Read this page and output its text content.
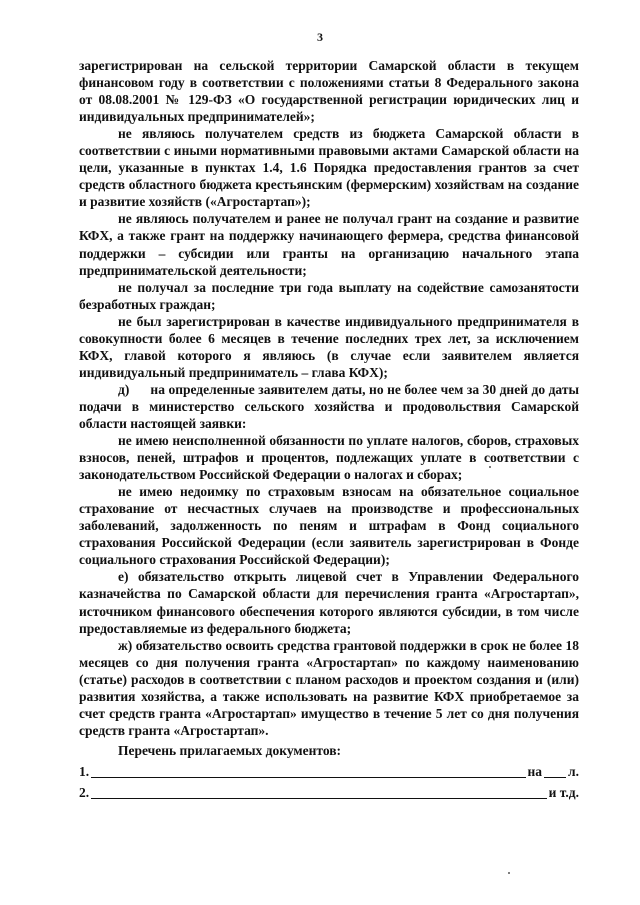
3

зарегистрирован на сельской территории Самарской области в текущем финансовом году в соответствии с положениями статьи 8 Федерального закона от 08.08.2001 № 129-ФЗ «О государственной регистрации юридических лиц и индивидуальных предпринимателей»;

не являюсь получателем средств из бюджета Самарской области в соответствии с иными нормативными правовыми актами Самарской области на цели, указанные в пунктах 1.4, 1.6 Порядка предоставления грантов за счет средств областного бюджета крестьянским (фермерским) хозяйствам на создание и развитие хозяйств («Агростартап»);

не являюсь получателем и ранее не получал грант на создание и развитие КФХ, а также грант на поддержку начинающего фермера, средства финансовой поддержки – субсидии или гранты на организацию начального этапа предпринимательской деятельности;

не получал за последние три года выплату на содействие самозанятости безработных граждан;

не был зарегистрирован в качестве индивидуального предпринимателя в совокупности более 6 месяцев в течение последних трех лет, за исключением КФХ, главой которого я являюсь (в случае если заявителем является индивидуальный предприниматель – глава КФХ);

д)      на определенные заявителем даты, но не более чем за 30 дней до даты подачи в министерство сельского хозяйства и продовольствия Самарской области настоящей заявки:

не имею неисполненной обязанности по уплате налогов, сборов, страховых взносов, пеней, штрафов и процентов, подлежащих уплате в соответствии с законодательством Российской Федерации о налогах и сборах;

не имею недоимку по страховым взносам на обязательное социальное страхование от несчастных случаев на производстве и профессиональных заболеваний, задолженность по пеням и штрафам в Фонд социального страхования Российской Федерации (если заявитель зарегистрирован в Фонде социального страхования Российской Федерации);

е) обязательство открыть лицевой счет в Управлении Федерального казначейства по Самарской области для перечисления гранта «Агростартап», источником финансового обеспечения которого являются субсидии, в том числе предоставляемые из федерального бюджета;

ж) обязательство освоить средства грантовой поддержки в срок не более 18 месяцев со дня получения гранта «Агростартап» по каждому наименованию (статье) расходов в соответствии с планом расходов и проектом создания и (или) развития хозяйства, а также использовать на развитие КФХ приобретаемое за счет средств гранта «Агростартап» имущество в течение 5 лет со дня получения средств гранта «Агростартап».

Перечень прилагаемых документов:

1.	на л.
2.	и т.д.
